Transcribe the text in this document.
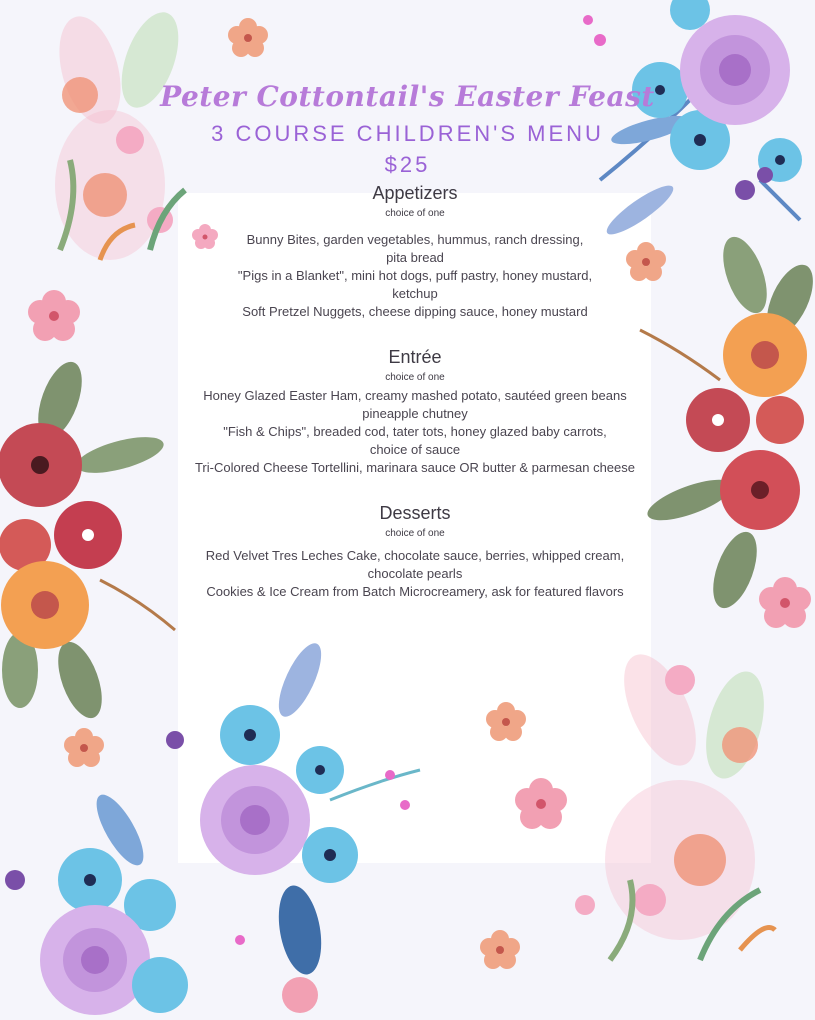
Peter Cottontail's Easter Feast
3 COURSE CHILDREN'S MENU
$25

Appetizers

choice of one

Bunny Bites, garden vegetables, hummus, ranch dressing,

pita bread

"Pigs in a Blanket", mini hot dogs, puff pastry, honey mustard,

ketchup

Soft Pretzel Nuggets, cheese dipping sauce, honey mustard

Entrée

choice of one

Honey Glazed Easter Ham, creamy mashed potato, sautéed green beans

pineapple chutney

"Fish & Chips", breaded cod, tater tots, honey glazed baby carrots,

choice of sauce

Tri-Colored Cheese Tortellini, marinara sauce OR butter & parmesan cheese

Desserts

choice of one

Red Velvet Tres Leches Cake, chocolate sauce, berries, whipped cream,

chocolate pearls

Cookies & Ice Cream from Batch Microcreamery, ask for featured flavors
